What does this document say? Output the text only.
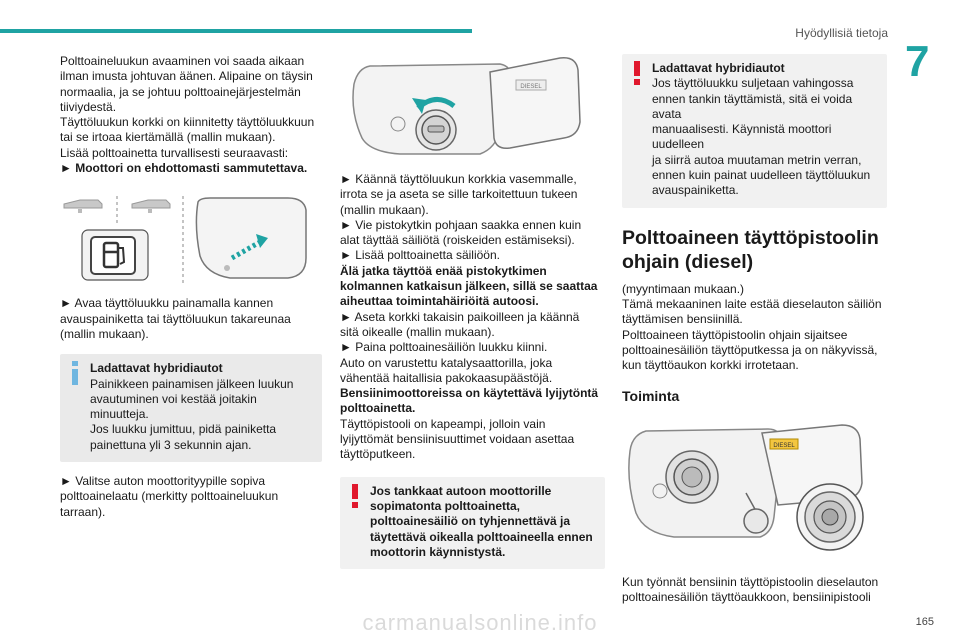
Hyödyllisiä tietoja
7
Polttoaineluukun avaaminen voi saada aikaan
ilman imusta johtuvan äänen. Alipaine on täysin
normaalia, ja se johtuu polttoainejärjestelmän
tiiviydestä.
Täyttöluukun korkki on kiinnitetty täyttöluukkuun
tai se irtoaa kiertämällä (mallin mukaan).
Lisää polttoainetta turvallisesti seuraavasti:
► Moottori on ehdottomasti sammutettava.
► Avaa täyttöluukku painamalla kannen
avauspainiketta tai täyttöluukun takareunaa
(mallin mukaan).
Ladattavat hybridiautot
Painikkeen painamisen jälkeen luukun
avautuminen voi kestää joitakin minuutteja.
Jos luukku jumittuu, pidä painiketta
painettuna yli 3 sekunnin ajan.
► Valitse auton moottorityypille sopiva
polttoainelaatu (merkitty polttoaineluukun
tarraan).
DIESEL
► Käännä täyttöluukun korkkia vasemmalle,
irrota se ja aseta se sille tarkoitettuun tukeen
(mallin mukaan).
► Vie pistokytkin pohjaan saakka ennen kuin
alat täyttää säiliötä (roiskeiden estämiseksi).
► Lisää polttoainetta säiliöön.
Älä jatka täyttöä enää pistokytkimen
kolmannen katkaisun jälkeen, sillä se saattaa
aiheuttaa toimintahäiriöitä autoosi.
► Aseta korkki takaisin paikoilleen ja käännä
sitä oikealle (mallin mukaan).
► Paina polttoainesäiliön luukku kiinni.
Auto on varustettu katalysaattorilla, joka
vähentää haitallisia pakokaasupäästöjä.
Bensiinimoottoreissa on käytettävä lyijytöntä
polttoainetta.
Täyttöpistooli on kapeampi, jolloin vain
lyijyttömät bensiinisuuttimet voidaan asettaa
täyttöputkeen.
Jos tankkaat autoon moottorille
sopimatonta polttoainetta,
polttoainesäiliö on tyhjennettävä ja
täytettävä oikealla polttoaineella ennen
moottorin käynnistystä.
Ladattavat hybridiautot
Jos täyttöluukku suljetaan vahingossa
ennen tankin täyttämistä, sitä ei voida avata
manuaalisesti. Käynnistä moottori uudelleen
ja siirrä autoa muutaman metrin verran,
ennen kuin painat uudelleen täyttöluukun
avauspainiketta.
Polttoaineen täyttöpistoolin
ohjain (diesel)
(myyntimaan mukaan.)
Tämä mekaaninen laite estää dieselauton säiliön
täyttämisen bensiinillä.
Polttoaineen täyttöpistoolin ohjain sijaitsee
polttoainesäiliön täyttöputkessa ja on näkyvissä,
kun täyttöaukon korkki irrotetaan.
Toiminta
DIESEL
Kun työnnät bensiinin täyttöpistoolin dieselauton
polttoainesäiliön täyttöaukkoon, bensiinipistooli
carmanualsonline.info	165
